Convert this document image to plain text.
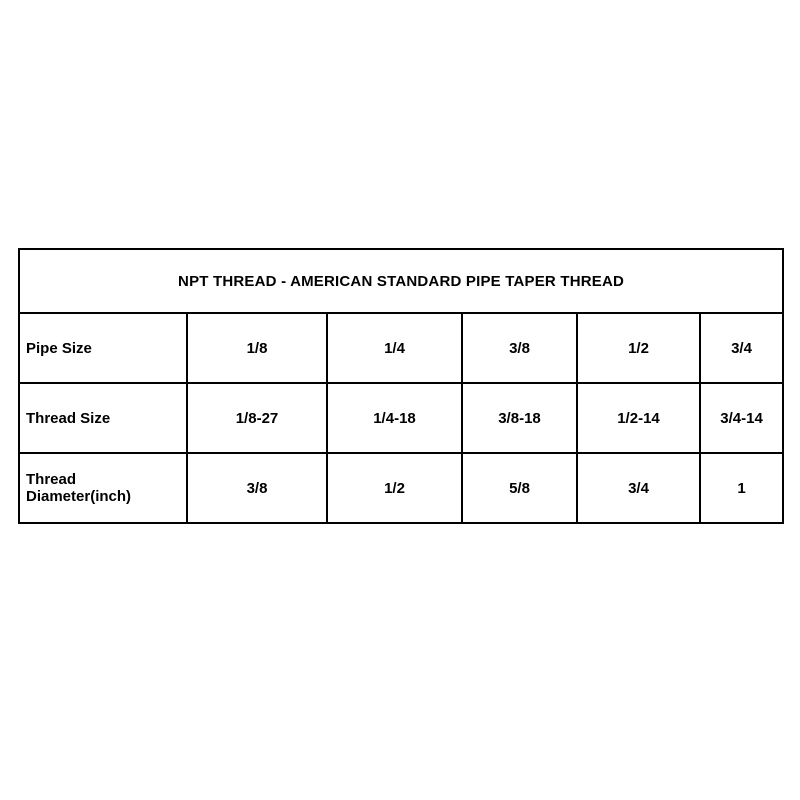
NPT THREAD - AMERICAN STANDARD PIPE TAPER THREAD					
Pipe Size	1/8	1/4	3/8	1/2	3/4
Thread Size	1/8-27	1/4-18	3/8-18	1/2-14	3/4-14
Thread Diameter(inch)	3/8	1/2	5/8	3/4	1
